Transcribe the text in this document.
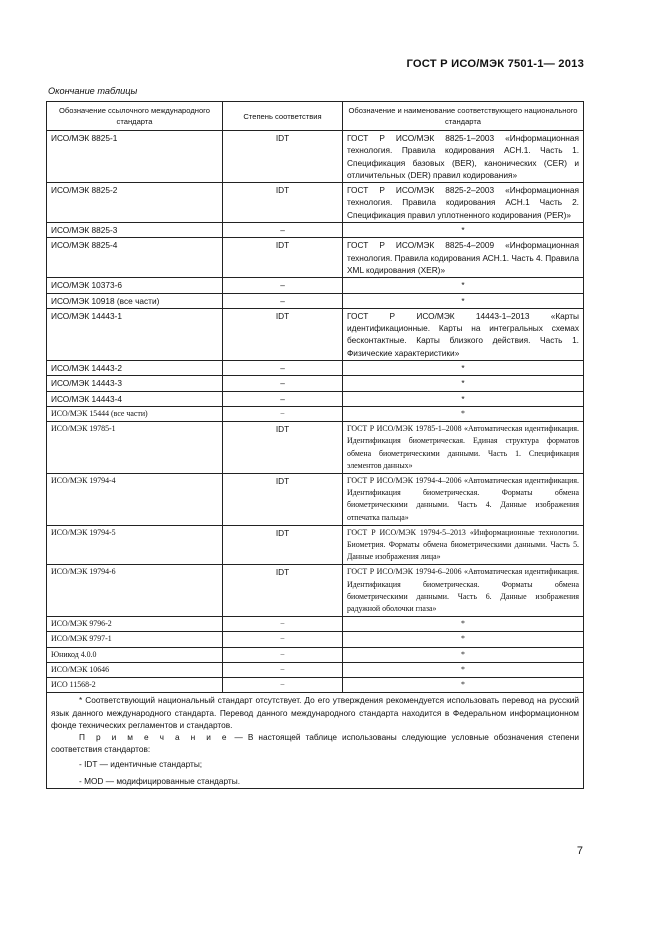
ГОСТ Р ИСО/МЭК 7501-1— 2013
Окончание таблицы
Обозначение ссылочного международного стандарта	Степень соответствия	Обозначение и наименование соответствующего национального стандарта
ИСО/МЭК 8825-1	IDT	ГОСТ Р ИСО/МЭК 8825-1–2003 «Информационная технология. Правила кодирования АСН.1. Часть 1. Спецификация базовых (BER), канонических (CER) и отличительных (DER) правил кодирования»
ИСО/МЭК 8825-2	IDT	ГОСТ Р ИСО/МЭК 8825-2–2003 «Информационная технология. Правила кодирования АСН.1 Часть 2. Спецификация правил уплотненного кодирования (PER)»
ИСО/МЭК 8825-3	–	*
ИСО/МЭК 8825-4	IDT	ГОСТ Р ИСО/МЭК 8825-4–2009 «Информационная технология. Правила кодирования АСН.1. Часть 4. Правила XML кодирования (XER)»
ИСО/МЭК 10373-6	–	*
ИСО/МЭК 10918 (все части)	–	*
ИСО/МЭК 14443-1	IDT	ГОСТ Р ИСО/МЭК 14443-1–2013 «Карты идентификационные. Карты на интегральных схемах бесконтактные. Карты близкого действия. Часть 1. Физические характеристики»
ИСО/МЭК 14443-2	–	*
ИСО/МЭК 14443-3	–	*
ИСО/МЭК 14443-4	–	*
ИСО/МЭК 15444 (все части)	–	*
ИСО/МЭК 19785-1	IDT	ГОСТ Р ИСО/МЭК 19785-1–2008 «Автоматическая идентификация. Идентификация биометрическая. Единая структура форматов обмена биометрическими данными. Часть 1. Спецификация элементов данных»
ИСО/МЭК 19794-4	IDT	ГОСТ Р ИСО/МЭК 19794-4–2006 «Автоматическая идентификация. Идентификация биометрическая. Форматы обмена биометрическими данными. Часть 4. Данные изображения отпечатка пальца»
ИСО/МЭК 19794-5	IDT	ГОСТ Р ИСО/МЭК 19794-5–2013 «Информационные технологии. Биометрия. Форматы обмена биометрическими данными. Часть 5. Данные изображения лица»
ИСО/МЭК 19794-6	IDT	ГОСТ Р ИСО/МЭК 19794-6–2006 «Автоматическая идентификация. Идентификация биометрическая. Форматы обмена биометрическими данными. Часть 6. Данные изображения радужной оболочки глаза»
ИСО/МЭК 9796-2	–	*
ИСО/МЭК 9797-1	–	*
Юникод 4.0.0	–	*
ИСО/МЭК 10646	–	*
ИСО 11568-2	–	*

* Соответствующий национальный стандарт отсутствует. До его утверждения рекомендуется использовать перевод на русский язык данного международного стандарта. Перевод данного международного стандарта находится в Федеральном информационном фонде технических регламентов и стандартов.

П р и м е ч а н и е — В настоящей таблице использованы следующие условные обозначения степени соответствия стандартов:

- IDT — идентичные стандарты;

- MOD — модифицированные стандарты.		

7
